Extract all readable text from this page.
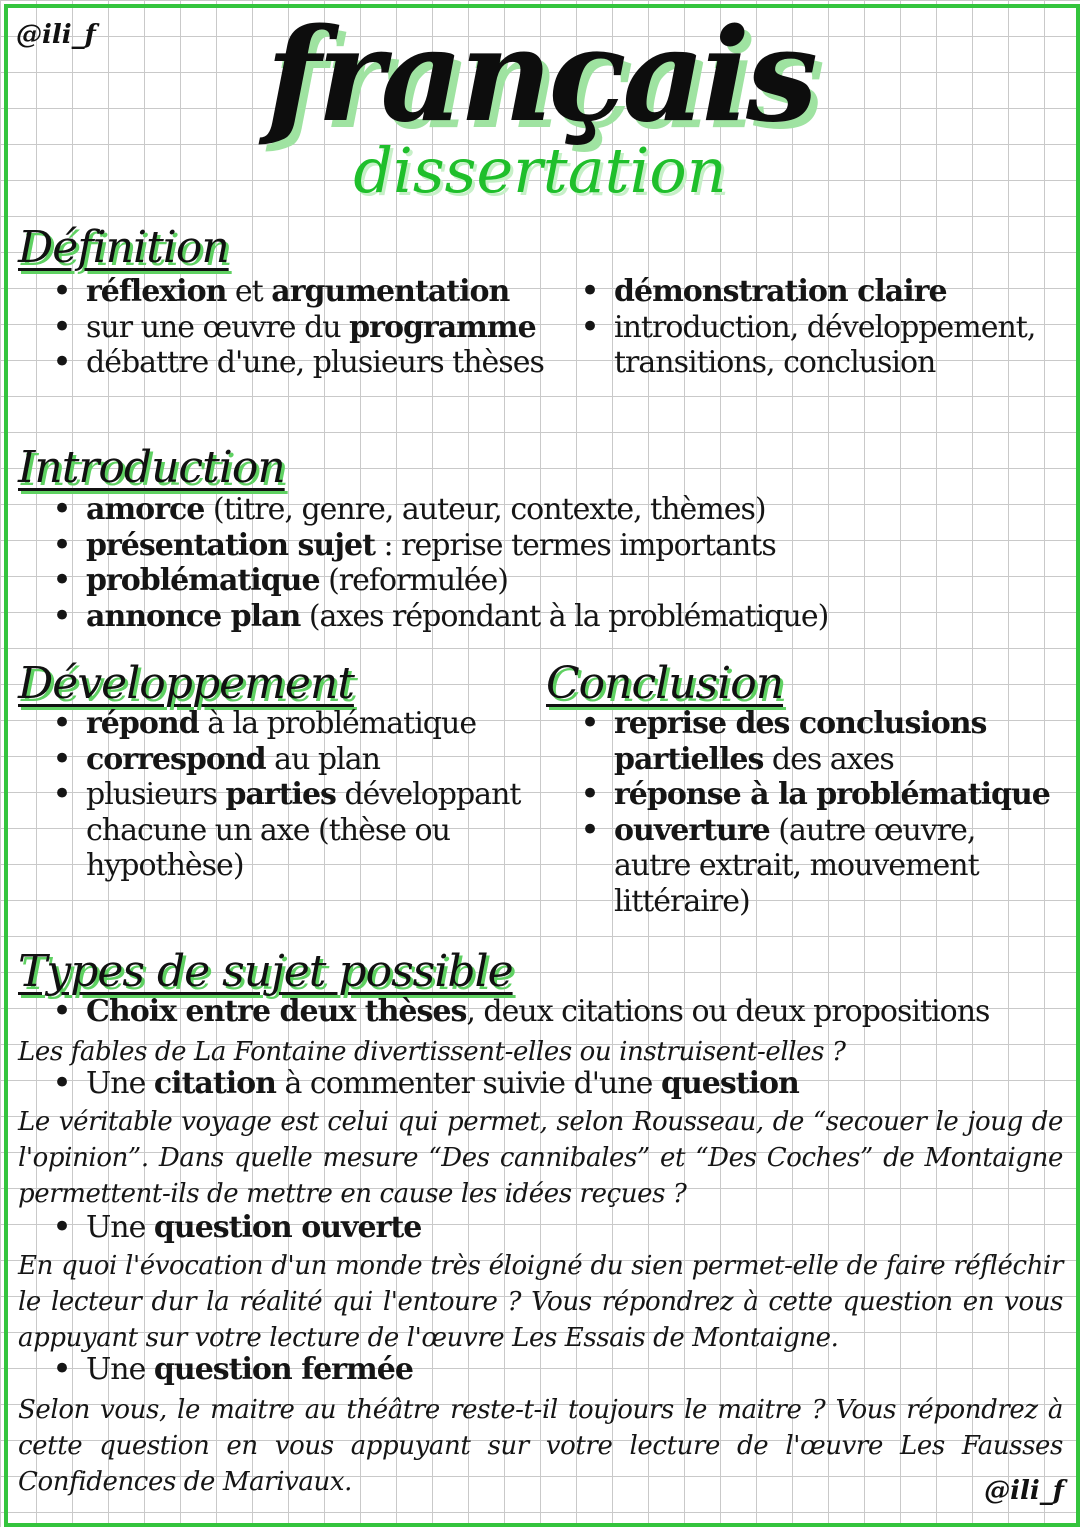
@ili_f	français
dissertation
Définition
• réflexion et argumentation
• sur une œuvre du programme
• débattre d'une, plusieurs thèses
• démonstration claire
• introduction, développement, transitions, conclusion
Introduction
• amorce (titre, genre, auteur, contexte, thèmes)
• présentation sujet : reprise termes importants
• problématique (reformulée)
• annonce plan (axes répondant à la problématique)
Développement
• répond à la problématique
• correspond au plan
• plusieurs parties développant chacune un axe (thèse ou hypothèse)
Conclusion
• reprise des conclusions partielles des axes
• réponse à la problématique
• ouverture (autre œuvre, autre extrait, mouvement littéraire)
Types de sujet possible
• Choix entre deux thèses, deux citations ou deux propositions

Les fables de La Fontaine divertissent-elles ou instruisent-elles ?

• Une citation à commenter suivie d'une question

Le véritable voyage est celui qui permet, selon Rousseau, de “secouer le joug de l'opinion”. Dans quelle mesure “Des cannibales” et “Des Coches” de Montaigne permettent-ils de mettre en cause les idées reçues ?

• Une question ouverte

En quoi l'évocation d'un monde très éloigné du sien permet-elle de faire réfléchir le lecteur dur la réalité qui l'entoure ? Vous répondrez à cette question en vous appuyant sur votre lecture de l'œuvre Les Essais de Montaigne.

• Une question fermée

Selon vous, le maitre au théâtre reste-t-il toujours le maitre ? Vous répondrez à cette question en vous appuyant sur votre lecture de l'œuvre Les Fausses Confidences de Marivaux.	@ili_f
